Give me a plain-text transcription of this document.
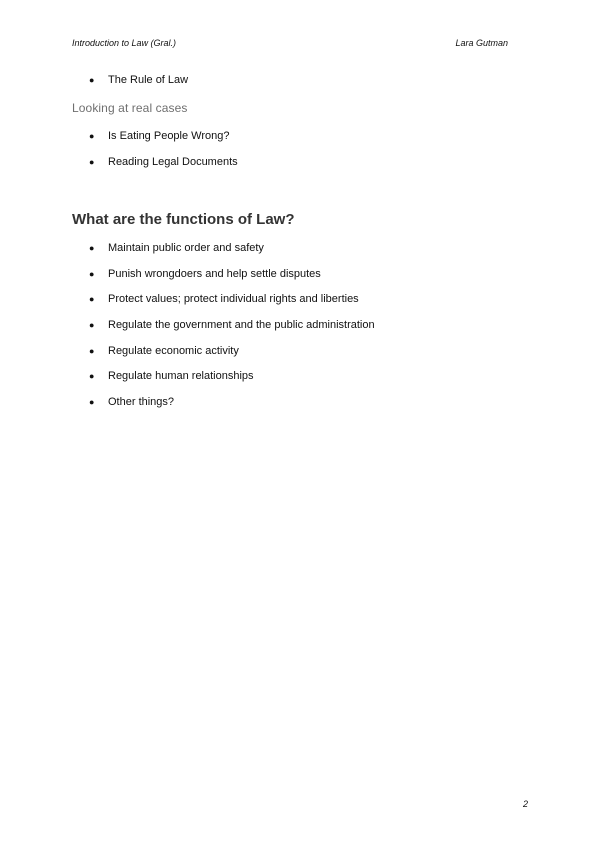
Introduction to Law (Gral.)	Lara Gutman
● The Rule of Law
Looking at real cases
● Is Eating People Wrong?
● Reading Legal Documents
What are the functions of Law?
● Maintain public order and safety
● Punish wrongdoers and help settle disputes
● Protect values; protect individual rights and liberties
● Regulate the government and the public administration
● Regulate economic activity
● Regulate human relationships
● Other things?
2
